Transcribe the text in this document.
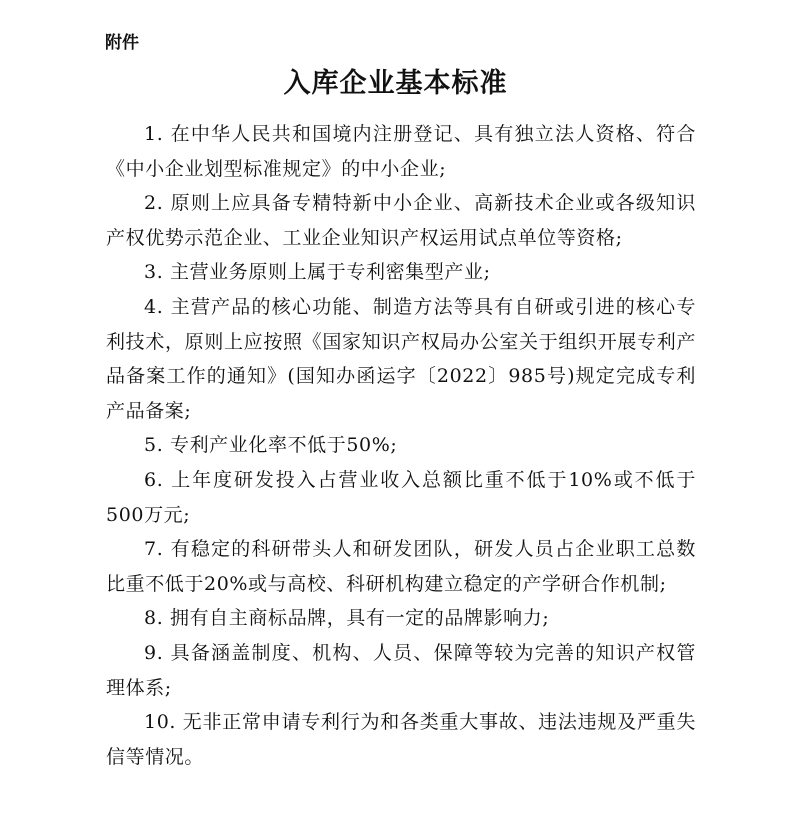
附件
入库企业基本标准

1. 在中华人民共和国境内注册登记、具有独立法人资格、符合《中小企业划型标准规定》的中小企业;

2. 原则上应具备专精特新中小企业、高新技术企业或各级知识产权优势示范企业、工业企业知识产权运用试点单位等资格;

3. 主营业务原则上属于专利密集型产业;

4. 主营产品的核心功能、制造方法等具有自研或引进的核心专利技术，原则上应按照《国家知识产权局办公室关于组织开展专利产品备案工作的通知》(国知办函运字〔2022〕985号)规定完成专利产品备案;

5. 专利产业化率不低于50%;

6. 上年度研发投入占营业收入总额比重不低于10%或不低于500万元;

7. 有稳定的科研带头人和研发团队，研发人员占企业职工总数比重不低于20%或与高校、科研机构建立稳定的产学研合作机制;

8. 拥有自主商标品牌，具有一定的品牌影响力;

9. 具备涵盖制度、机构、人员、保障等较为完善的知识产权管理体系;

10. 无非正常申请专利行为和各类重大事故、违法违规及严重失信等情况。
